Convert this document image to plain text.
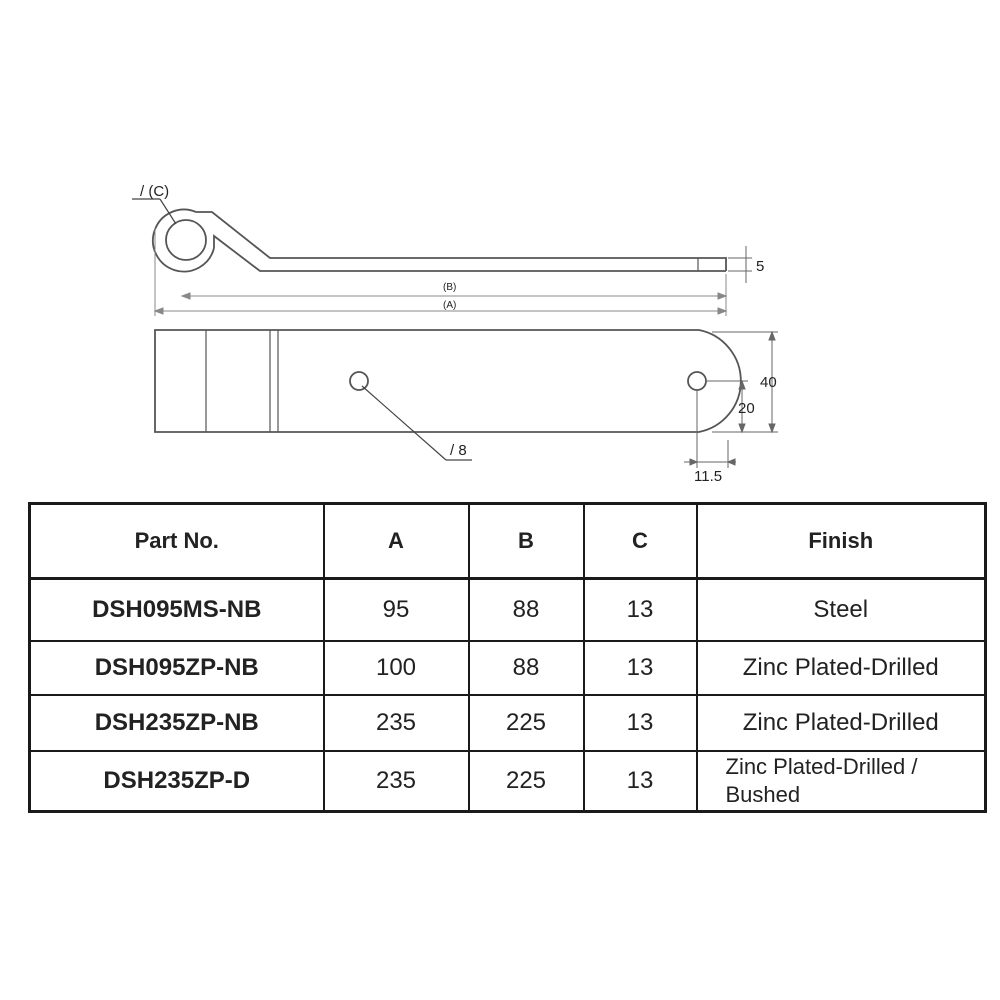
/ (C)
5
(B)
(A)
/ 8
40
20
11.5
Part No.	A	B	C	Finish
DSH095MS-NB	95	88	13	Steel
DSH095ZP-NB	100	88	13	Zinc Plated-Drilled
DSH235ZP-NB	235	225	13	Zinc Plated-Drilled
DSH235ZP-D	235	225	13	Zinc Plated-Drilled / Bushed
